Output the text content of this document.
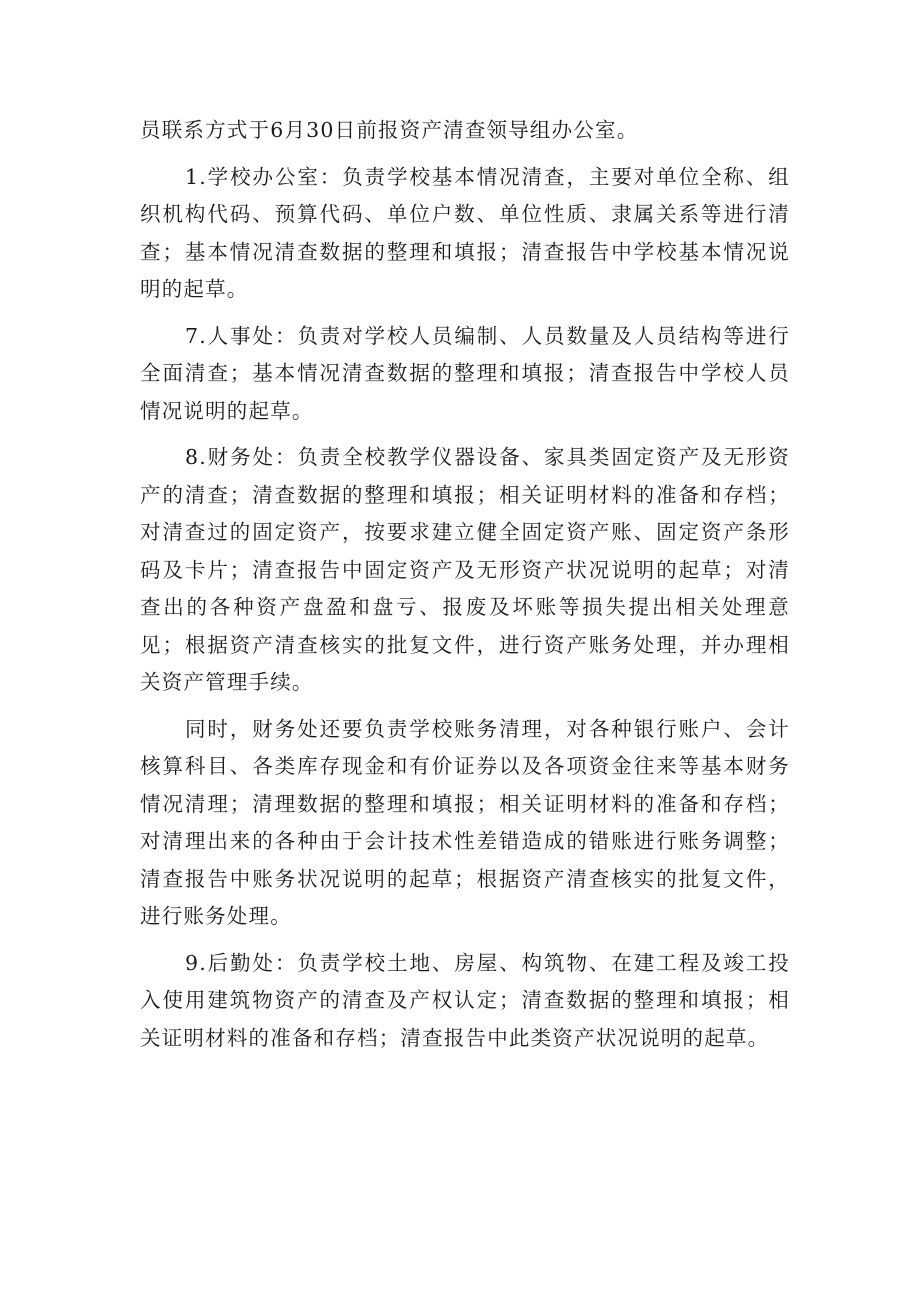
员联系方式于6月30日前报资产清查领导组办公室。

1.学校办公室：负责学校基本情况清查，主要对单位全称、组织机构代码、预算代码、单位户数、单位性质、隶属关系等进行清查；基本情况清查数据的整理和填报；清查报告中学校基本情况说明的起草。

7.人事处：负责对学校人员编制、人员数量及人员结构等进行全面清查；基本情况清查数据的整理和填报；清查报告中学校人员情况说明的起草。

8.财务处：负责全校教学仪器设备、家具类固定资产及无形资产的清查；清查数据的整理和填报；相关证明材料的准备和存档；对清查过的固定资产，按要求建立健全固定资产账、固定资产条形码及卡片；清查报告中固定资产及无形资产状况说明的起草；对清查出的各种资产盘盈和盘亏、报废及坏账等损失提出相关处理意见；根据资产清查核实的批复文件，进行资产账务处理，并办理相关资产管理手续。

同时，财务处还要负责学校账务清理，对各种银行账户、会计核算科目、各类库存现金和有价证券以及各项资金往来等基本财务情况清理；清理数据的整理和填报；相关证明材料的准备和存档；对清理出来的各种由于会计技术性差错造成的错账进行账务调整；清查报告中账务状况说明的起草；根据资产清查核实的批复文件，进行账务处理。

9.后勤处：负责学校土地、房屋、构筑物、在建工程及竣工投入使用建筑物资产的清查及产权认定；清查数据的整理和填报；相关证明材料的准备和存档；清查报告中此类资产状况说明的起草。
